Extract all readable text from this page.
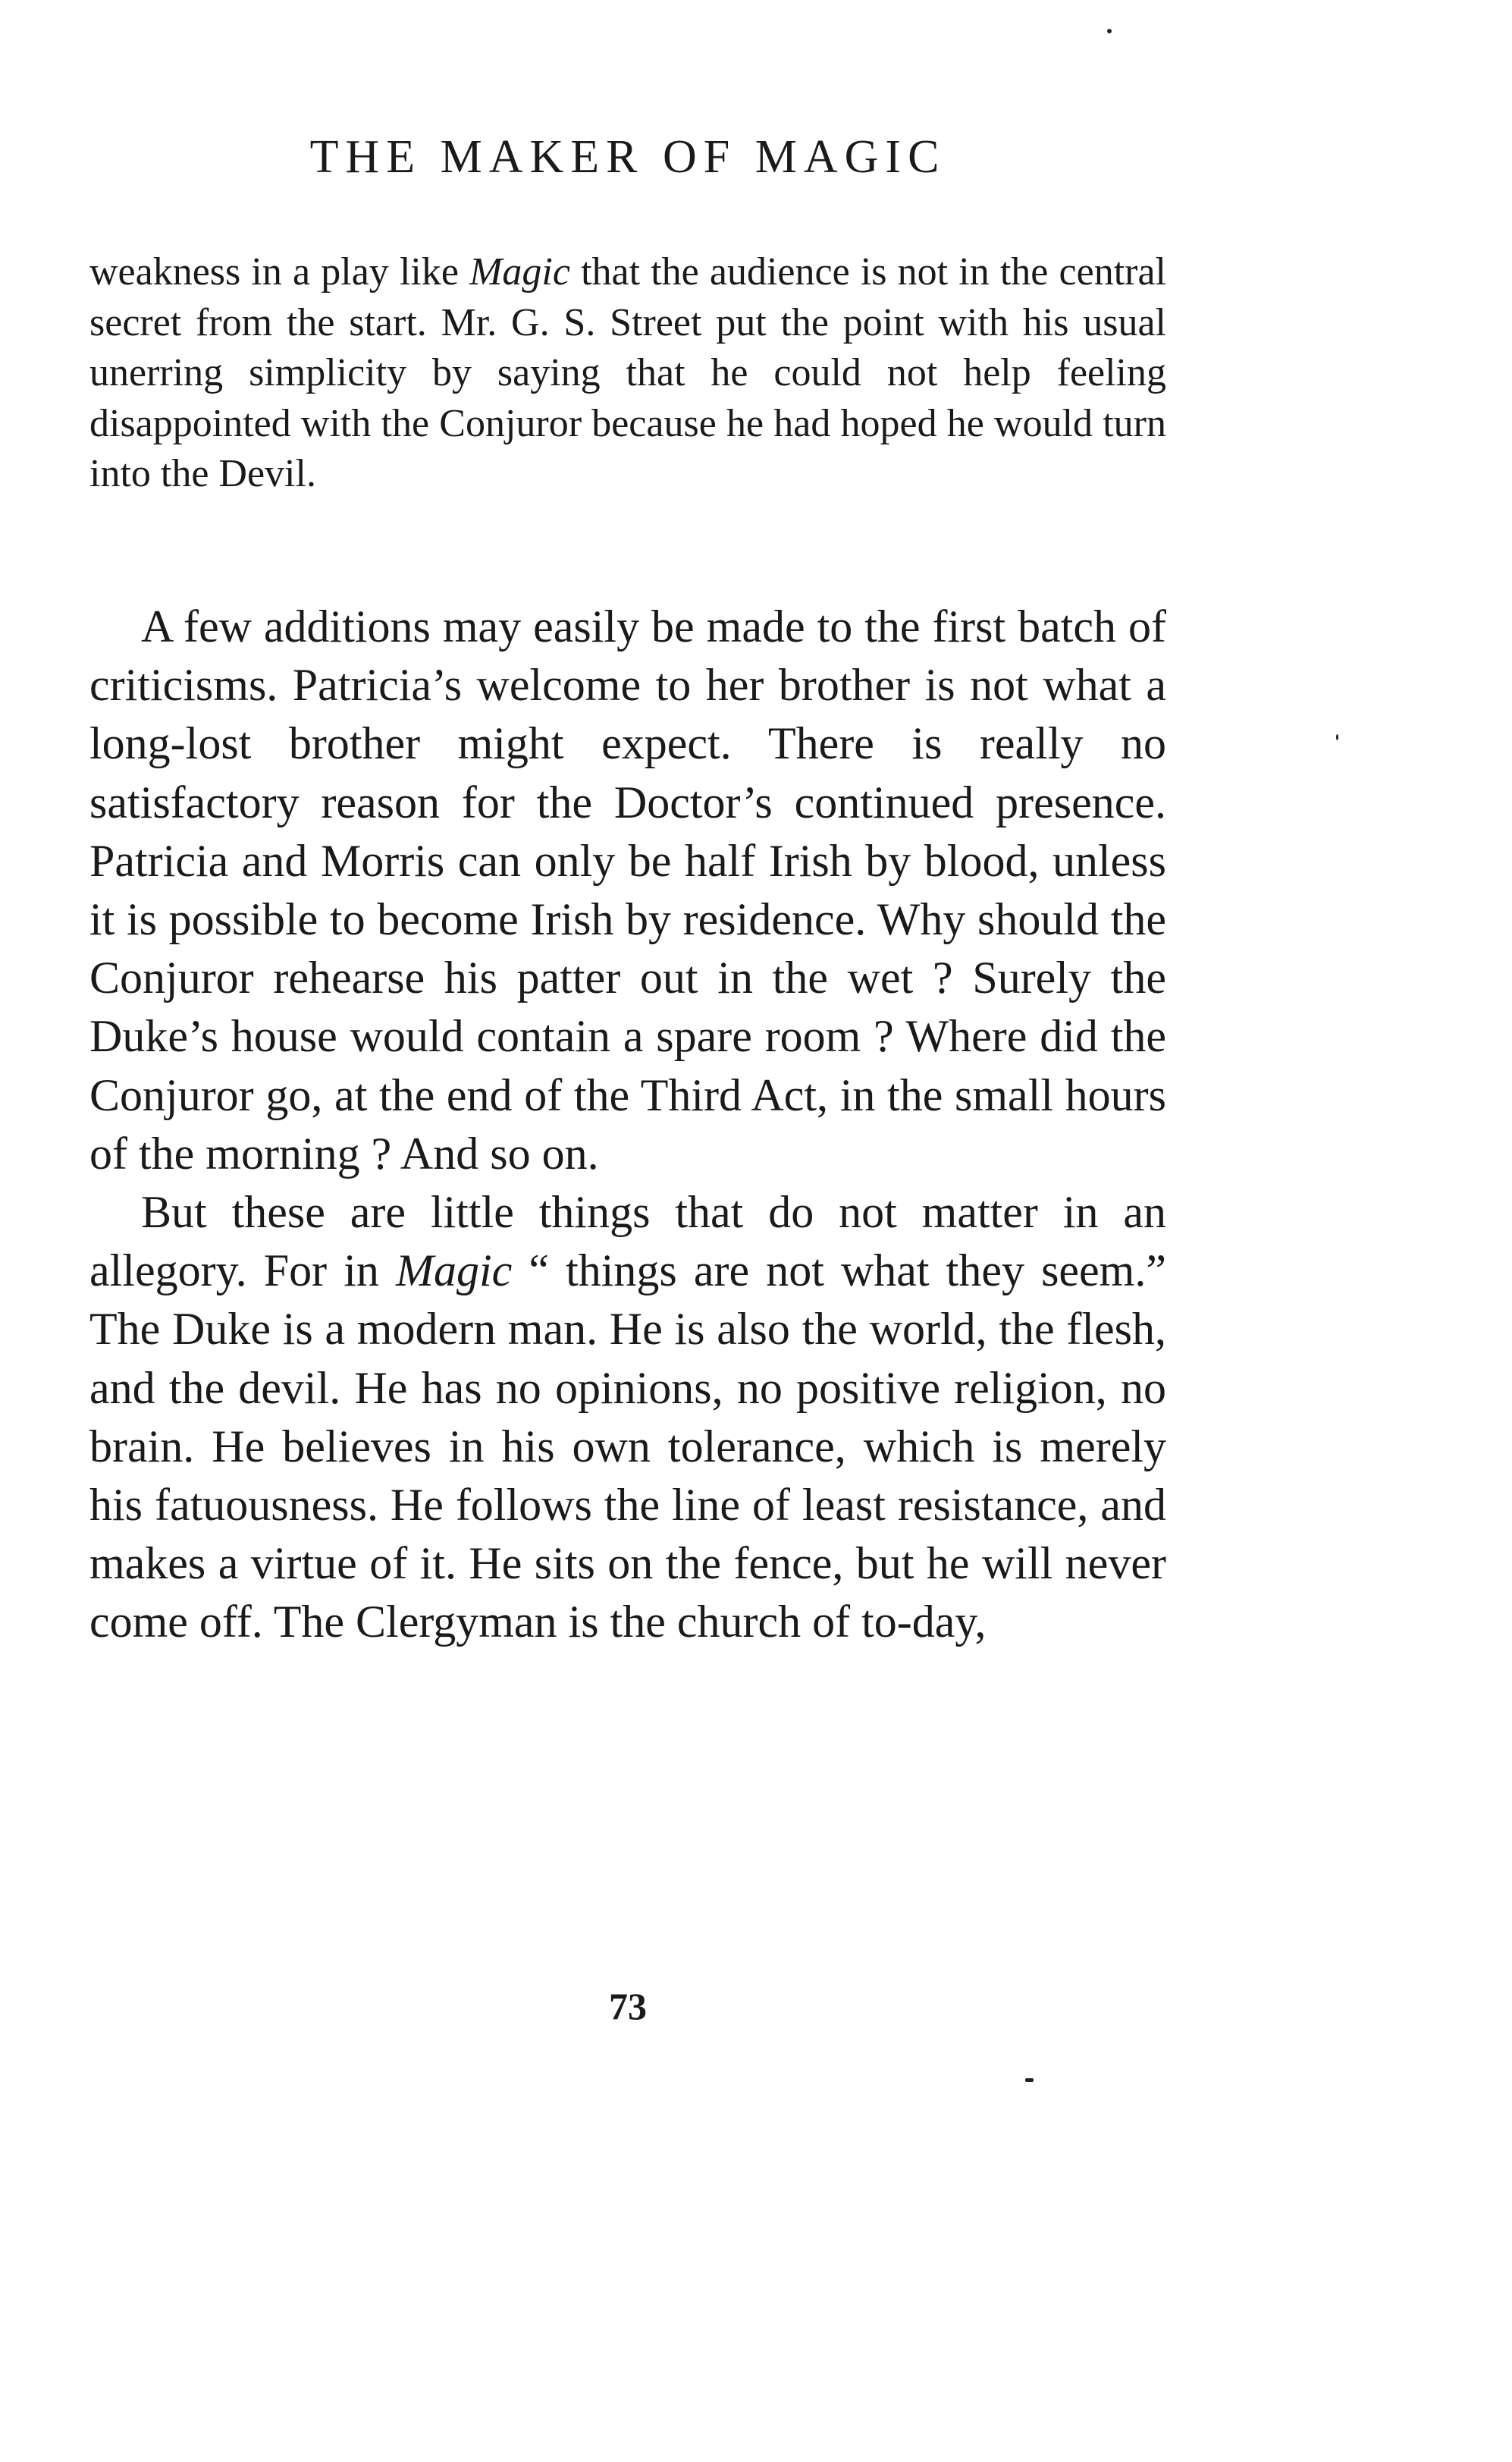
THE MAKER OF MAGIC

weakness in a play like Magic that the audience is not in the central secret from the start. Mr. G. S. Street put the point with his usual unerring simplicity by saying that he could not help feeling disappointed with the Conjuror because he had hoped he would turn into the Devil.

A few additions may easily be made to the first batch of criticisms. Patricia’s welcome to her brother is not what a long-lost brother might expect. There is really no satisfactory reason for the Doctor’s continued presence. Patricia and Morris can only be half Irish by blood, unless it is possible to become Irish by residence. Why should the Conjuror rehearse his patter out in the wet ? Surely the Duke’s house would contain a spare room ? Where did the Conjuror go, at the end of the Third Act, in the small hours of the morning ? And so on.

But these are little things that do not matter in an allegory. For in Magic “ things are not what they seem.” The Duke is a modern man. He is also the world, the flesh, and the devil. He has no opinions, no positive religion, no brain. He believes in his own tolerance, which is merely his fatuousness. He follows the line of least resistance, and makes a virtue of it. He sits on the fence, but he will never come off. The Clergyman is the church of to-day,

73
